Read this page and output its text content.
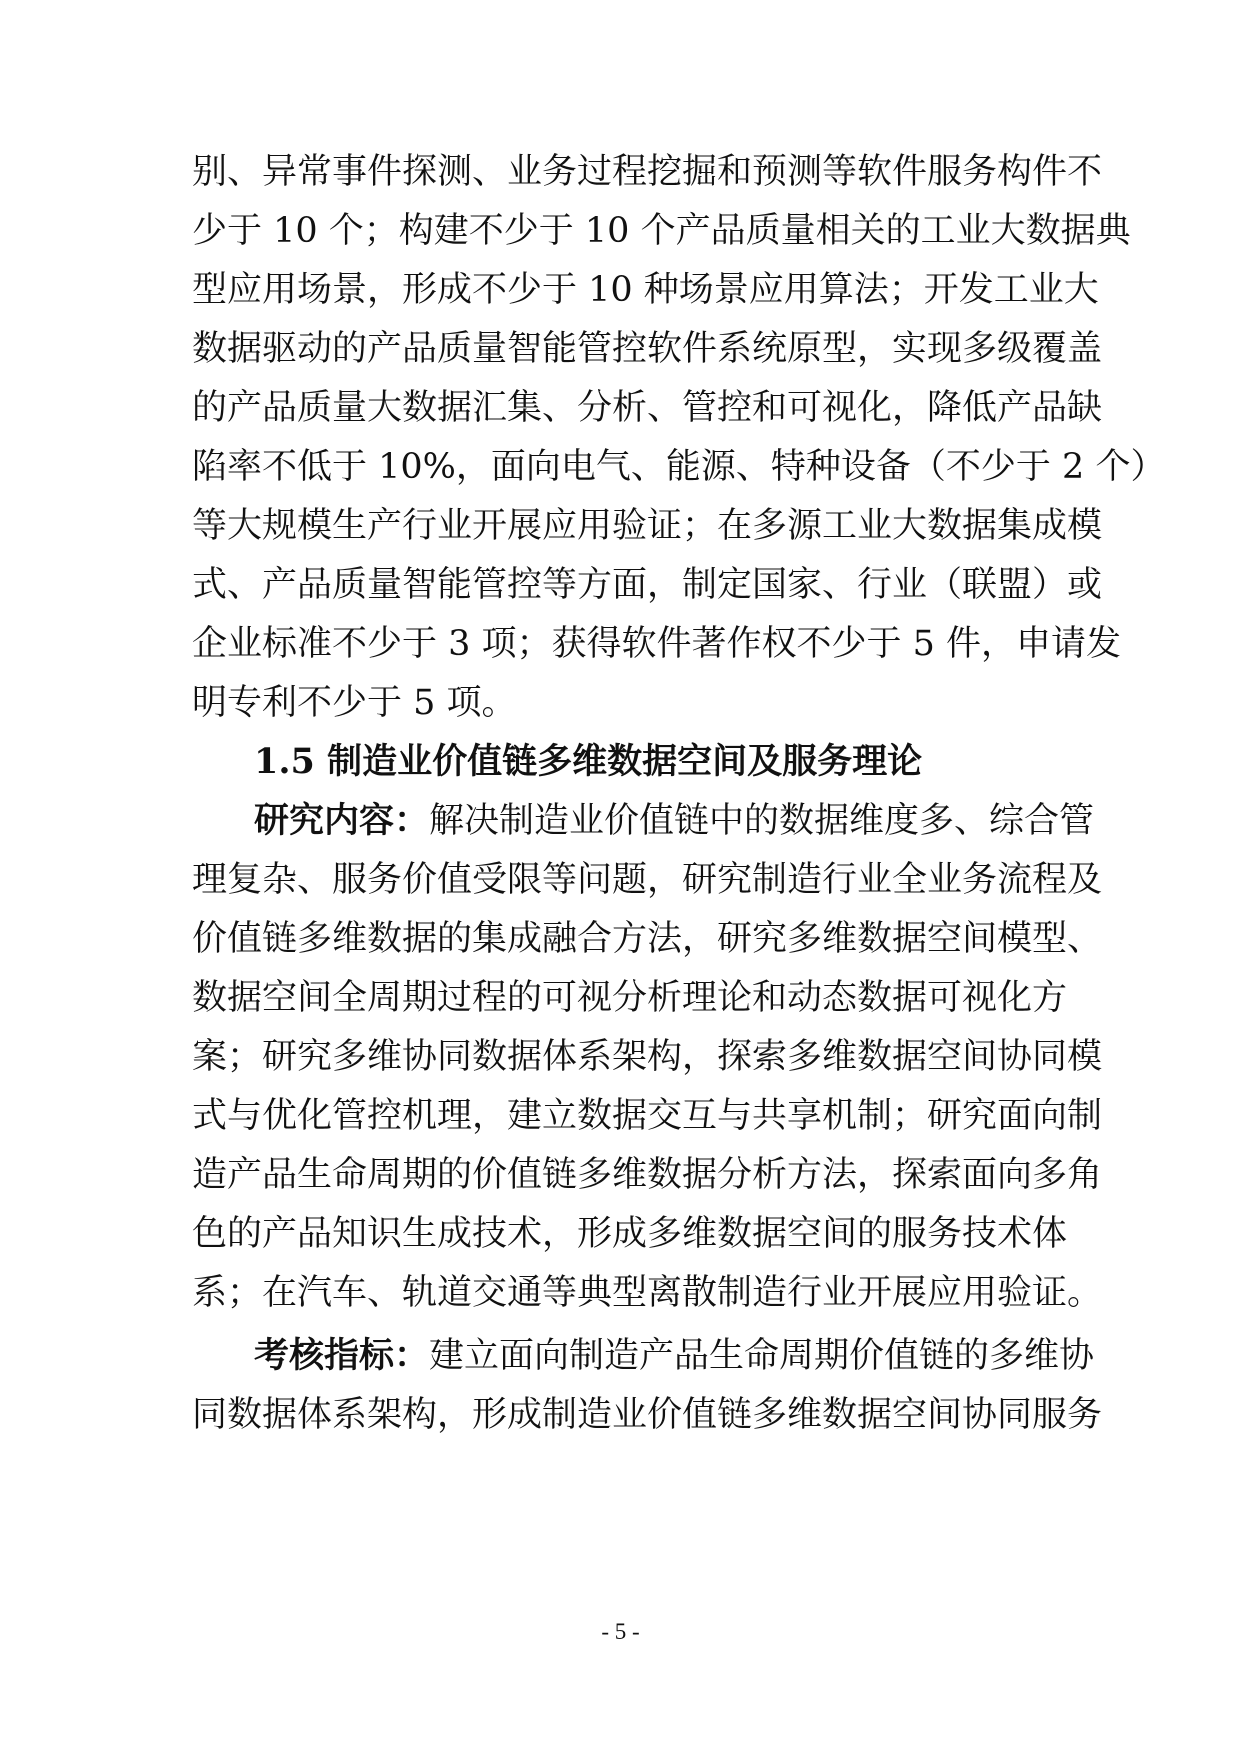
别、异常事件探测、业务过程挖掘和预测等软件服务构件不
少于 10 个；构建不少于 10 个产品质量相关的工业大数据典
型应用场景，形成不少于 10 种场景应用算法；开发工业大
数据驱动的产品质量智能管控软件系统原型，实现多级覆盖
的产品质量大数据汇集、分析、管控和可视化，降低产品缺
陷率不低于 10%，面向电气、能源、特种设备（不少于 2 个）
等大规模生产行业开展应用验证；在多源工业大数据集成模
式、产品质量智能管控等方面，制定国家、行业（联盟）或
企业标准不少于 3 项；获得软件著作权不少于 5 件，申请发
明专利不少于 5 项。
1.5 制造业价值链多维数据空间及服务理论
研究内容：解决制造业价值链中的数据维度多、综合管
理复杂、服务价值受限等问题，研究制造行业全业务流程及
价值链多维数据的集成融合方法，研究多维数据空间模型、
数据空间全周期过程的可视分析理论和动态数据可视化方
案；研究多维协同数据体系架构，探索多维数据空间协同模
式与优化管控机理，建立数据交互与共享机制；研究面向制
造产品生命周期的价值链多维数据分析方法，探索面向多角
色的产品知识生成技术，形成多维数据空间的服务技术体
系；在汽车、轨道交通等典型离散制造行业开展应用验证。
考核指标：建立面向制造产品生命周期价值链的多维协
同数据体系架构，形成制造业价值链多维数据空间协同服务
- 5 -
